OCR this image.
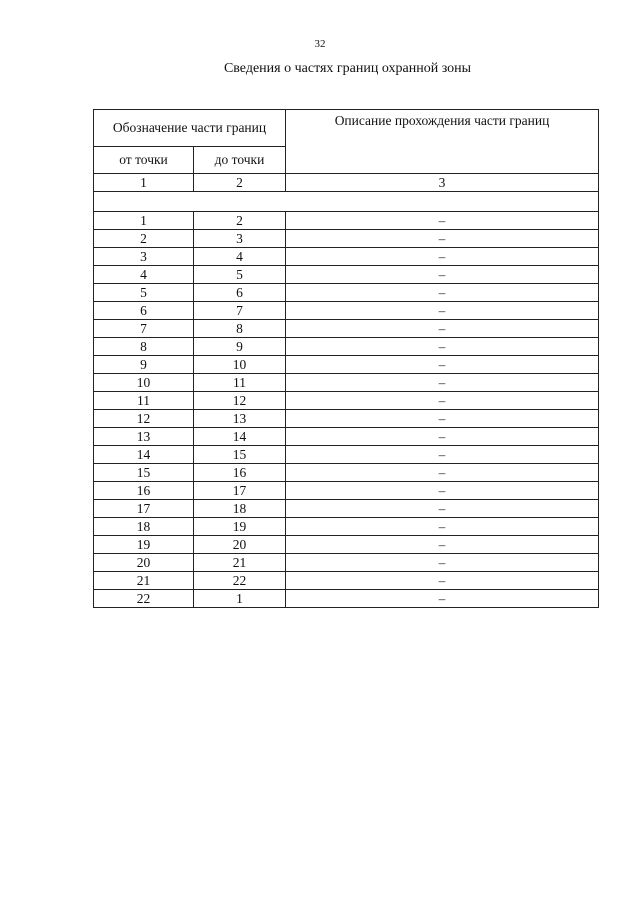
32
Сведения о частях границ охранной зоны
Обозначение части границ		Описание прохождения части границ
от точки	до точки	
1	2	3

1	2	–
2	3	–
3	4	–
4	5	–
5	6	–
6	7	–
7	8	–
8	9	–
9	10	–
10	11	–
11	12	–
12	13	–
13	14	–
14	15	–
15	16	–
16	17	–
17	18	–
18	19	–
19	20	–
20	21	–
21	22	–
22	1	–
